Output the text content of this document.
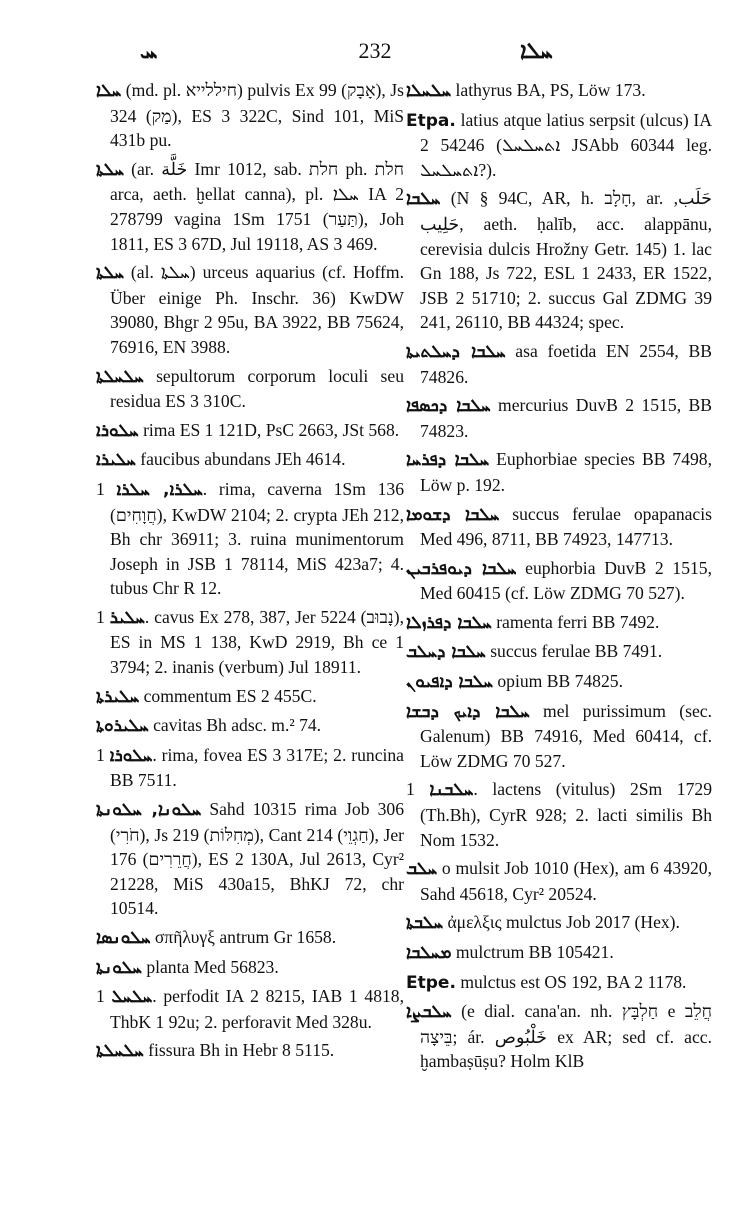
ܚ	232	ܚܠܐ

ܚܠܐ (md. pl. חיללייא) pulvis Ex 99 (אָבָק), Js 324 (מַק), ES 3 322C, Sind 101, MiS 431b pu.

ܚܠܬܐ (ar. خَلَّة Imr 1012, sab. חלת ph. חלת arca, aeth. ḫellat canna), pl. ܚܠܐ IA 2 278799 vagina 1Sm 1751 (תַּעַר), Joh 1811, ES 3 67D, Jul 19118, AS 3 469.

ܚܠܬܐ (al. ܚܠܬܐ) urceus aquarius (cf. Hoffm. Über einige Ph. Inschr. 36) KwDW 39080, Bhgr 2 95u, BA 3922, BB 75624, 76916, EN 3988.

ܚܠܚܠܬܐ sepultorum corporum loculi seu residua ES 3 310C.

ܚܠܘܪܐ rima ES 1 121D, PsC 2663, JSt 568.

ܚܠܝܪܐ faucibus abundans JEh 4614.

ܚܠܪܐ, ܚܠܪܐ 1. rima, caverna 1Sm 136 (חֲוָחִים), KwDW 2104; 2. crypta JEh 212, Bh chr 36911; 3. ruina munimentorum Joseph in JSB 1 78114, MiS 423a7; 4. tubus Chr R 12.

ܚܠܝܪ 1. cavus Ex 278, 387, Jer 5224 (נָבוּב), ES in MS 1 138, KwD 2919, Bh ce 1 3794; 2. inanis (verbum) Jul 18911.

ܚܠܝܪܬܐ commentum ES 2 455C.

ܚܠܝܪܘܬܐ cavitas Bh adsc. m.² 74.

ܚܠܘܪܐ 1. rima, fovea ES 3 317E; 2. runcina BB 7511.

ܚܠܘܢܐ, ܚܠܘܢܬܐ Sahd 10315 rima Job 306 (חֹרִי), Js 219 (מְחִלּוֹת), Cant 214 (חַגְוֵי), Jer 176 (חֲרֵרִים), ES 2 130A, Jul 2613, Cyr² 21228, MiS 430a15, BhKJ 72, chr 10514.

ܚܠܘܢܣܐ σπῆλυγξ antrum Gr 1658.

ܚܠܘܢܬܐ planta Med 56823.

ܚܠܚܠ 1. perfodit IA 2 8215, IAB 1 4818, ThbK 1 92u; 2. perforavit Med 328u.

ܚܠܚܠܬܐ fissura Bh in Hebr 8 5115.

ܚܠܚܠܐ lathyrus BA, PS, Löw 173.

Etpa. latius atque latius serpsit (ulcus) IA 2 54246 (ܐܬܚܠܚܠ JSAbb 60344 leg. ܐܬܚܠܚܠ?).

ܚܠܒܐ (N § 94C, AR, h. חָלָב, ar. حَلَب, حَلِيب, aeth. ḥalīb, acc. alappānu, cerevisia dulcis Hrožny Getr. 145) 1. lac Gn 188, Js 722, ESL 1 2433, ER 1522, JSB 2 51710; 2. succus Gal ZDMG 39 241, 26110, BB 44324; spec.

ܚܠܒܐ ܕܚܠܬܝܬܐ asa foetida EN 2554, BB 74826.

ܚܠܒܐ ܕܟܣܦܐ mercurius DuvB 2 1515, BB 74823.

ܚܠܒܐ ܕܦܪܚܐ Euphorbiae species BB 7498, Löw p. 192.

ܚܠܒܐ ܕܫܘܡܐ succus ferulae opapanacis Med 496, 8711, BB 74923, 147713.

ܚܠܒܐ ܕܝܘܦܪܒܝܢ euphorbia DuvB 2 1515, Med 60415 (cf. Löw ZDMG 70 527).

ܚܠܒܐ ܕܦܪܙܠܐ ramenta ferri BB 7492.

ܚܠܒܐ ܕܚܠܒ succus ferulae BB 7491.

ܚܠܒܐ ܕܐܦܝܘܢ opium BB 74825.

ܚܠܒܐ ܕܐܝܟ ܕܒܫܐ mel purissimum (sec. Galenum) BB 74916, Med 60414, cf. Löw ZDMG 70 527.

ܚܠܒܢܐ 1. lactens (vitulus) 2Sm 1729 (Th.Bh), CyrR 928; 2. lacti similis Bh Nom 1532.

ܚܠܒ o mulsit Job 1010 (Hex), am 6 43920, Sahd 45618, Cyr² 20524.

ܚܠܒܬܐ ἀμελξις mulctus Job 2017 (Hex).

ܡܚܠܒܐ mulctrum BB 105421.

Etpe. mulctus est OS 192, BA 2 1178.

ܚܠܒܨܐ (e dial. cana'an. nh. חַלְבָּץ e חֲלֵב בֵּיצָה; ár. خَلْبُوص ex AR; sed cf. acc. ḫambaṣūṣu? Holm KlB
